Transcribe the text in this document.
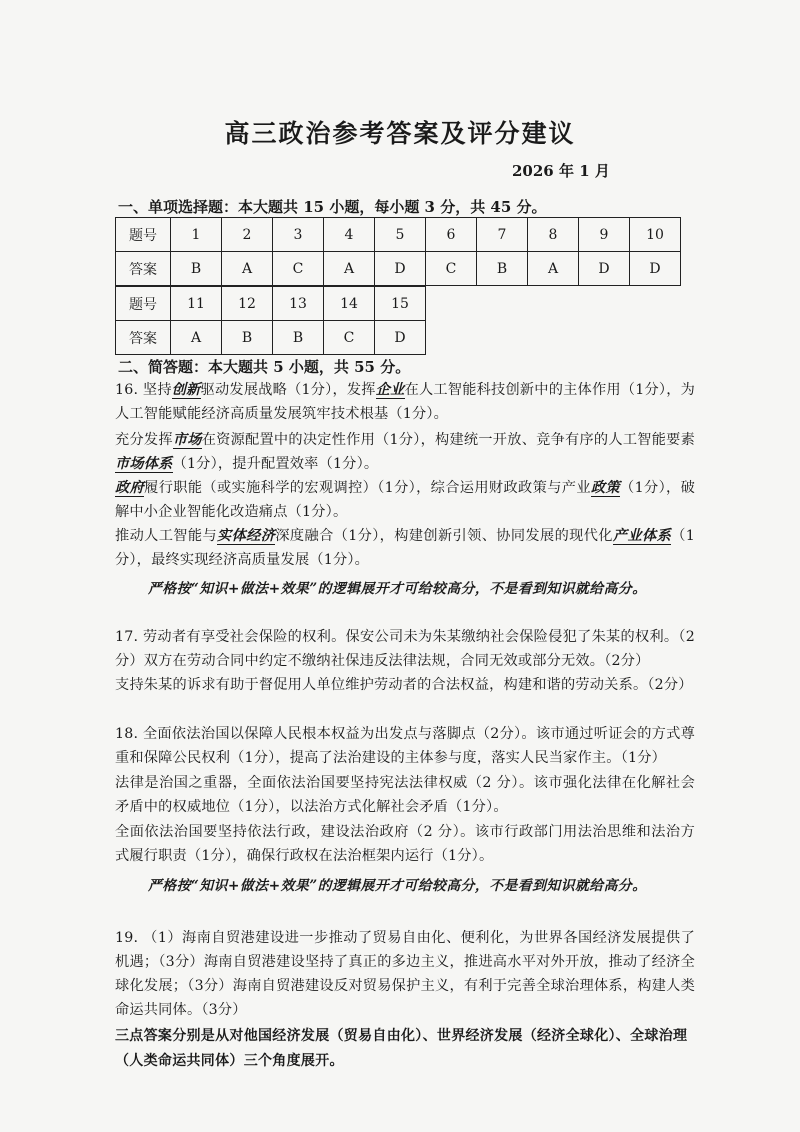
高三政治参考答案及评分建议
2026 年 1 月
一、单项选择题：本大题共 15 小题，每小题 3 分，共 45 分。
题号	1	2	3	4	5	6	7	8	9	10
答案	B	A	C	A	D	C	B	A	D	D
题号	11	12	13	14	15
答案	A	B	B	C	D
二、简答题：本大题共 5 小题，共 55 分。
16. 坚持创新驱动发展战略（1分），发挥企业在人工智能科技创新中的主体作用（1分），为人工智能赋能经济高质量发展筑牢技术根基（1分）。
充分发挥市场在资源配置中的决定性作用（1分），构建统一开放、竞争有序的人工智能要素市场体系（1分），提升配置效率（1分）。
政府履行职能（或实施科学的宏观调控）（1分），综合运用财政政策与产业政策（1分），破解中小企业智能化改造痛点（1分）。
推动人工智能与实体经济深度融合（1分），构建创新引领、协同发展的现代化产业体系（1分），最终实现经济高质量发展（1分）。
严格按“知识+做法+效果”的逻辑展开才可给较高分，不是看到知识就给高分。
17. 劳动者有享受社会保险的权利。保安公司未为朱某缴纳社会保险侵犯了朱某的权利。（2分）双方在劳动合同中约定不缴纳社保违反法律法规，合同无效或部分无效。（2分）
支持朱某的诉求有助于督促用人单位维护劳动者的合法权益，构建和谐的劳动关系。（2分）
18. 全面依法治国以保障人民根本权益为出发点与落脚点（2分）。该市通过听证会的方式尊重和保障公民权利（1分），提高了法治建设的主体参与度，落实人民当家作主。（1分）
法律是治国之重器，全面依法治国要坚持宪法法律权威（2 分）。该市强化法律在化解社会矛盾中的权威地位（1分），以法治方式化解社会矛盾（1分）。
全面依法治国要坚持依法行政，建设法治政府（2 分）。该市行政部门用法治思维和法治方式履行职责（1分），确保行政权在法治框架内运行（1分）。
严格按“知识+做法+效果”的逻辑展开才可给较高分，不是看到知识就给高分。
19. （1）海南自贸港建设进一步推动了贸易自由化、便利化，为世界各国经济发展提供了机遇；（3分）海南自贸港建设坚持了真正的多边主义，推进高水平对外开放，推动了经济全球化发展；（3分）海南自贸港建设反对贸易保护主义，有利于完善全球治理体系，构建人类命运共同体。（3分）
三点答案分别是从对他国经济发展（贸易自由化）、世界经济发展（经济全球化）、全球治理（人类命运共同体）三个角度展开。
